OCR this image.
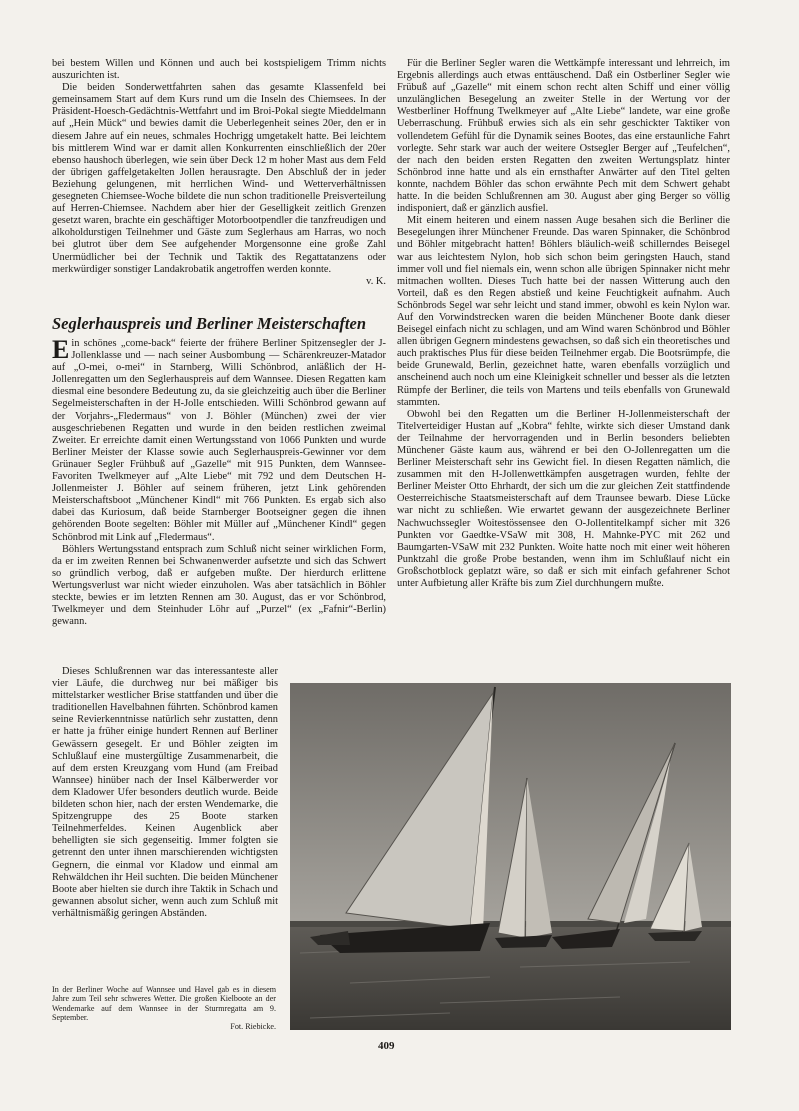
bei bestem Willen und Können und auch bei kostspieligem Trimm nichts auszurichten ist.

Die beiden Sonderwettfahrten sahen das gesamte Klassenfeld bei gemeinsamem Start auf dem Kurs rund um die Inseln des Chiemsees. In der Präsident-Hoesch-Gedächtnis-Wettfahrt und im Broi-Pokal siegte Mieddelmann auf „Hein Mück“ und bewies damit die Ueberlegenheit seines 20er, den er in diesem Jahre auf ein neues, schmales Hochrigg umgetakelt hatte. Bei leichtem bis mittlerem Wind war er damit allen Konkurrenten einschließlich der 20er ebenso haushoch überlegen, wie sein über Deck 12 m hoher Mast aus dem Feld der übrigen gaffelgetakelten Jollen herausragte. Den Abschluß der in jeder Beziehung gelungenen, mit herrlichen Wind- und Wetterverhältnissen gesegneten Chiemsee-Woche bildete die nun schon traditionelle Preisverteilung auf Herren-Chiemsee. Nachdem aber hier der Geselligkeit zeitlich Grenzen gesetzt waren, brachte ein geschäftiger Motorbootpendler die tanzfreudigen und alkoholdurstigen Teilnehmer und Gäste zum Seglerhaus am Harras, wo noch bei glutrot über dem See aufgehender Morgensonne eine große Zahl Unermüdlicher bei der Technik und Taktik des Regattatanzens oder merkwürdiger sonstiger Landakrobatik angetroffen werden konnte.

v. K.
Seglerhauspreis und Berliner Meisterschaften

Ein schönes „come-back“ feierte der frühere Berliner Spitzensegler der J-Jollenklasse und — nach seiner Ausbombung — Schärenkreuzer-Matador auf „O-mei, o-mei“ in Starnberg, Willi Schönbrod, anläßlich der H-Jollenregatten um den Seglerhauspreis auf dem Wannsee. Diesen Regatten kam diesmal eine besondere Bedeutung zu, da sie gleichzeitig auch über die Berliner Segelmeisterschaften in der H-Jolle entschieden. Willi Schönbrod gewann auf der Vorjahrs-„Fledermaus“ von J. Böhler (München) zwei der vier ausgeschriebenen Regatten und wurde in den beiden restlichen zweimal Zweiter. Er erreichte damit einen Wertungsstand von 1066 Punkten und wurde Berliner Meister der Klasse sowie auch Seglerhauspreis-Gewinner vor dem Grünauer Segler Frühbuß auf „Gazelle“ mit 915 Punkten, dem Wannsee-Favoriten Twelkmeyer auf „Alte Liebe“ mit 792 und dem Deutschen H-Jollenmeister J. Böhler auf seinem früheren, jetzt Link gehörenden Meisterschaftsboot „Münchener Kindl“ mit 766 Punkten. Es ergab sich also dabei das Kuriosum, daß beide Starnberger Bootseigner gegen die ihnen gehörenden Boote segelten: Böhler mit Müller auf „Münchener Kindl“ gegen Schönbrod mit Link auf „Fledermaus“.

Böhlers Wertungsstand entsprach zum Schluß nicht seiner wirklichen Form, da er im zweiten Rennen bei Schwanenwerder aufsetzte und sich das Schwert so gründlich verbog, daß er aufgeben mußte. Der hierdurch erlittene Wertungsverlust war nicht wieder einzuholen. Was aber tatsächlich in Böhler steckte, bewies er im letzten Rennen am 30. August, das er vor Schönbrod, Twelkmeyer und dem Steinhuder Löhr auf „Purzel“ (ex „Fafnir“-Berlin) gewann.

Dieses Schlußrennen war das interessanteste aller vier Läufe, die durchweg nur bei mäßiger bis mittelstarker westlicher Brise stattfanden und über die traditionellen Havelbahnen führten. Schönbrod kamen seine Revierkenntnisse natürlich sehr zustatten, denn er hatte ja früher einige hundert Rennen auf Berliner Gewässern gesegelt. Er und Böhler zeigten im Schlußlauf eine mustergültige Zusammenarbeit, die auf dem ersten Kreuzgang vom Hund (am Freibad Wannsee) hinüber nach der Insel Kälberwerder vor dem Kladower Ufer besonders deutlich wurde. Beide bildeten schon hier, nach der ersten Wendemarke, die Spitzengruppe des 25 Boote starken Teilnehmerfeldes. Keinen Augenblick aber behelligten sie sich gegenseitig. Immer folgten sie getrennt den unter ihnen marschierenden wichtigsten Gegnern, die einmal vor Kladow und einmal am Rehwäldchen ihr Heil suchten. Die beiden Münchener Boote aber hielten sie durch ihre Taktik in Schach und gewannen absolut sicher, wenn auch zum Schluß mit verhältnismäßig geringen Abständen.

Für die Berliner Segler waren die Wettkämpfe interessant und lehrreich, im Ergebnis allerdings auch etwas enttäuschend. Daß ein Ostberliner Segler wie Frübuß auf „Gazelle“ mit einem schon recht alten Schiff und einer völlig unzulänglichen Besegelung an zweiter Stelle in der Wertung vor der Westberliner Hoffnung Twelkmeyer auf „Alte Liebe“ landete, war eine große Ueberraschung. Frühbuß erwies sich als ein sehr geschickter Taktiker von vollendetem Gefühl für die Dynamik seines Bootes, das eine erstaunliche Fahrt vorlegte. Sehr stark war auch der weitere Ostsegler Berger auf „Teufelchen“, der nach den beiden ersten Regatten den zweiten Wertungsplatz hinter Schönbrod inne hatte und als ein ernsthafter Anwärter auf den Titel gelten konnte, nachdem Böhler das schon erwähnte Pech mit dem Schwert gehabt hatte. In die beiden Schlußrennen am 30. August aber ging Berger so völlig indisponiert, daß er gänzlich ausfiel.

Mit einem heiteren und einem nassen Auge besahen sich die Berliner die Besegelungen ihrer Münchener Freunde. Das waren Spinnaker, die Schönbrod und Böhler mitgebracht hatten! Böhlers bläulich-weiß schillerndes Beisegel war aus leichtestem Nylon, hob sich schon beim geringsten Hauch, stand immer voll und fiel niemals ein, wenn schon alle übrigen Spinnaker nicht mehr mitmachen wollten. Dieses Tuch hatte bei der nassen Witterung auch den Vorteil, daß es den Regen abstieß und keine Feuchtigkeit aufnahm. Auch Schönbrods Segel war sehr leicht und stand immer, obwohl es kein Nylon war. Auf den Vorwindstrecken waren die beiden Münchener Boote dank dieser Beisegel einfach nicht zu schlagen, und am Wind waren Schönbrod und Böhler allen übrigen Gegnern mindestens gewachsen, so daß sich ein theoretisches und auch praktisches Plus für diese beiden Teilnehmer ergab. Die Bootsrümpfe, die beide Grunewald, Berlin, gezeichnet hatte, waren ebenfalls vorzüglich und anscheinend auch noch um eine Kleinigkeit schneller und besser als die letzten Rümpfe der Berliner, die teils von Martens und teils ebenfalls von Grunewald stammten.

Obwohl bei den Regatten um die Berliner H-Jollenmeisterschaft der Titelverteidiger Hustan auf „Kobra“ fehlte, wirkte sich dieser Umstand dank der Teilnahme der hervorragenden und in Berlin besonders beliebten Münchener Gäste kaum aus, während er bei den O-Jollenregatten um die Berliner Meisterschaft sehr ins Gewicht fiel. In diesen Regatten nämlich, die zusammen mit den H-Jollenwettkämpfen ausgetragen wurden, fehlte der Berliner Meister Otto Ehrhardt, der sich um die zur gleichen Zeit stattfindende Oesterreichische Staatsmeisterschaft auf dem Traunsee bewarb. Diese Lücke war nicht zu schließen. Wie erwartet gewann der ausgezeichnete Berliner Nachwuchssegler Woitestössensee den O-Jollentitelkampf sicher mit 326 Punkten vor Gaedtke-VSaW mit 308, H. Mahnke-PYC mit 262 und Baumgarten-VSaW mit 232 Punkten. Woite hatte noch mit einer weit höheren Punktzahl die große Probe bestanden, wenn ihm im Schlußlauf nicht ein Großschotblock geplatzt wäre, so daß er sich mit einfach gefahrener Schot unter Aufbietung aller Kräfte bis zum Ziel durchhungern mußte.

In der Berliner Woche auf Wannsee und Havel gab es in diesem Jahre zum Teil sehr schweres Wetter. Die großen Kielboote an der Wendemarke auf dem Wannsee in der Sturmregatta am 9. September.
Fot. Riebicke.
409
